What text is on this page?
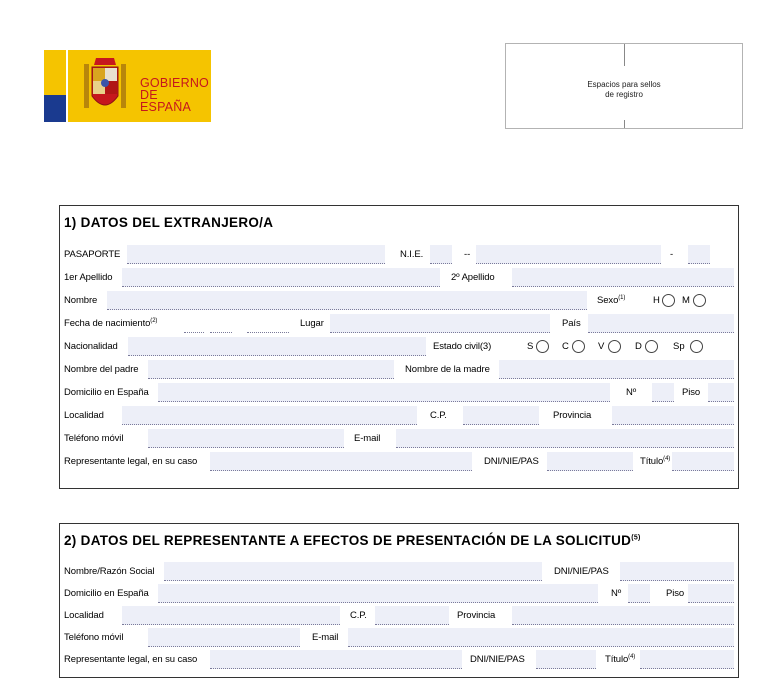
GOBIERNO
DE ESPAÑA
Espacios para sellos
de registro
1) DATOS DEL EXTRANJERO/A
PASAPORTE	N.I.E.	--	-
1er Apellido	2º Apellido
Nombre	Sexo$^{(1)}$	H M
Fecha de nacimiento$^{(2)}$	Lugar	País
Nacionalidad	Estado civil(3)	S	C	V	D	Sp
Nombre del padre	Nombre de la madre
Domicilio en España	Nº	Piso
Localidad	C.P.	Provincia
Teléfono móvil	E-mail
Representante legal, en su caso	DNI/NIE/PAS	Título$^{(4)}$
2) DATOS DEL REPRESENTANTE A EFECTOS DE PRESENTACIÓN DE LA SOLICITUD$^{(5)}$
Nombre/Razón Social	DNI/NIE/PAS
Domicilio en España	Nº	Piso
Localidad	C.P.	Provincia
Teléfono móvil	E-mail
Representante legal, en su caso	DNI/NIE/PAS	Título$^{(4)}$
